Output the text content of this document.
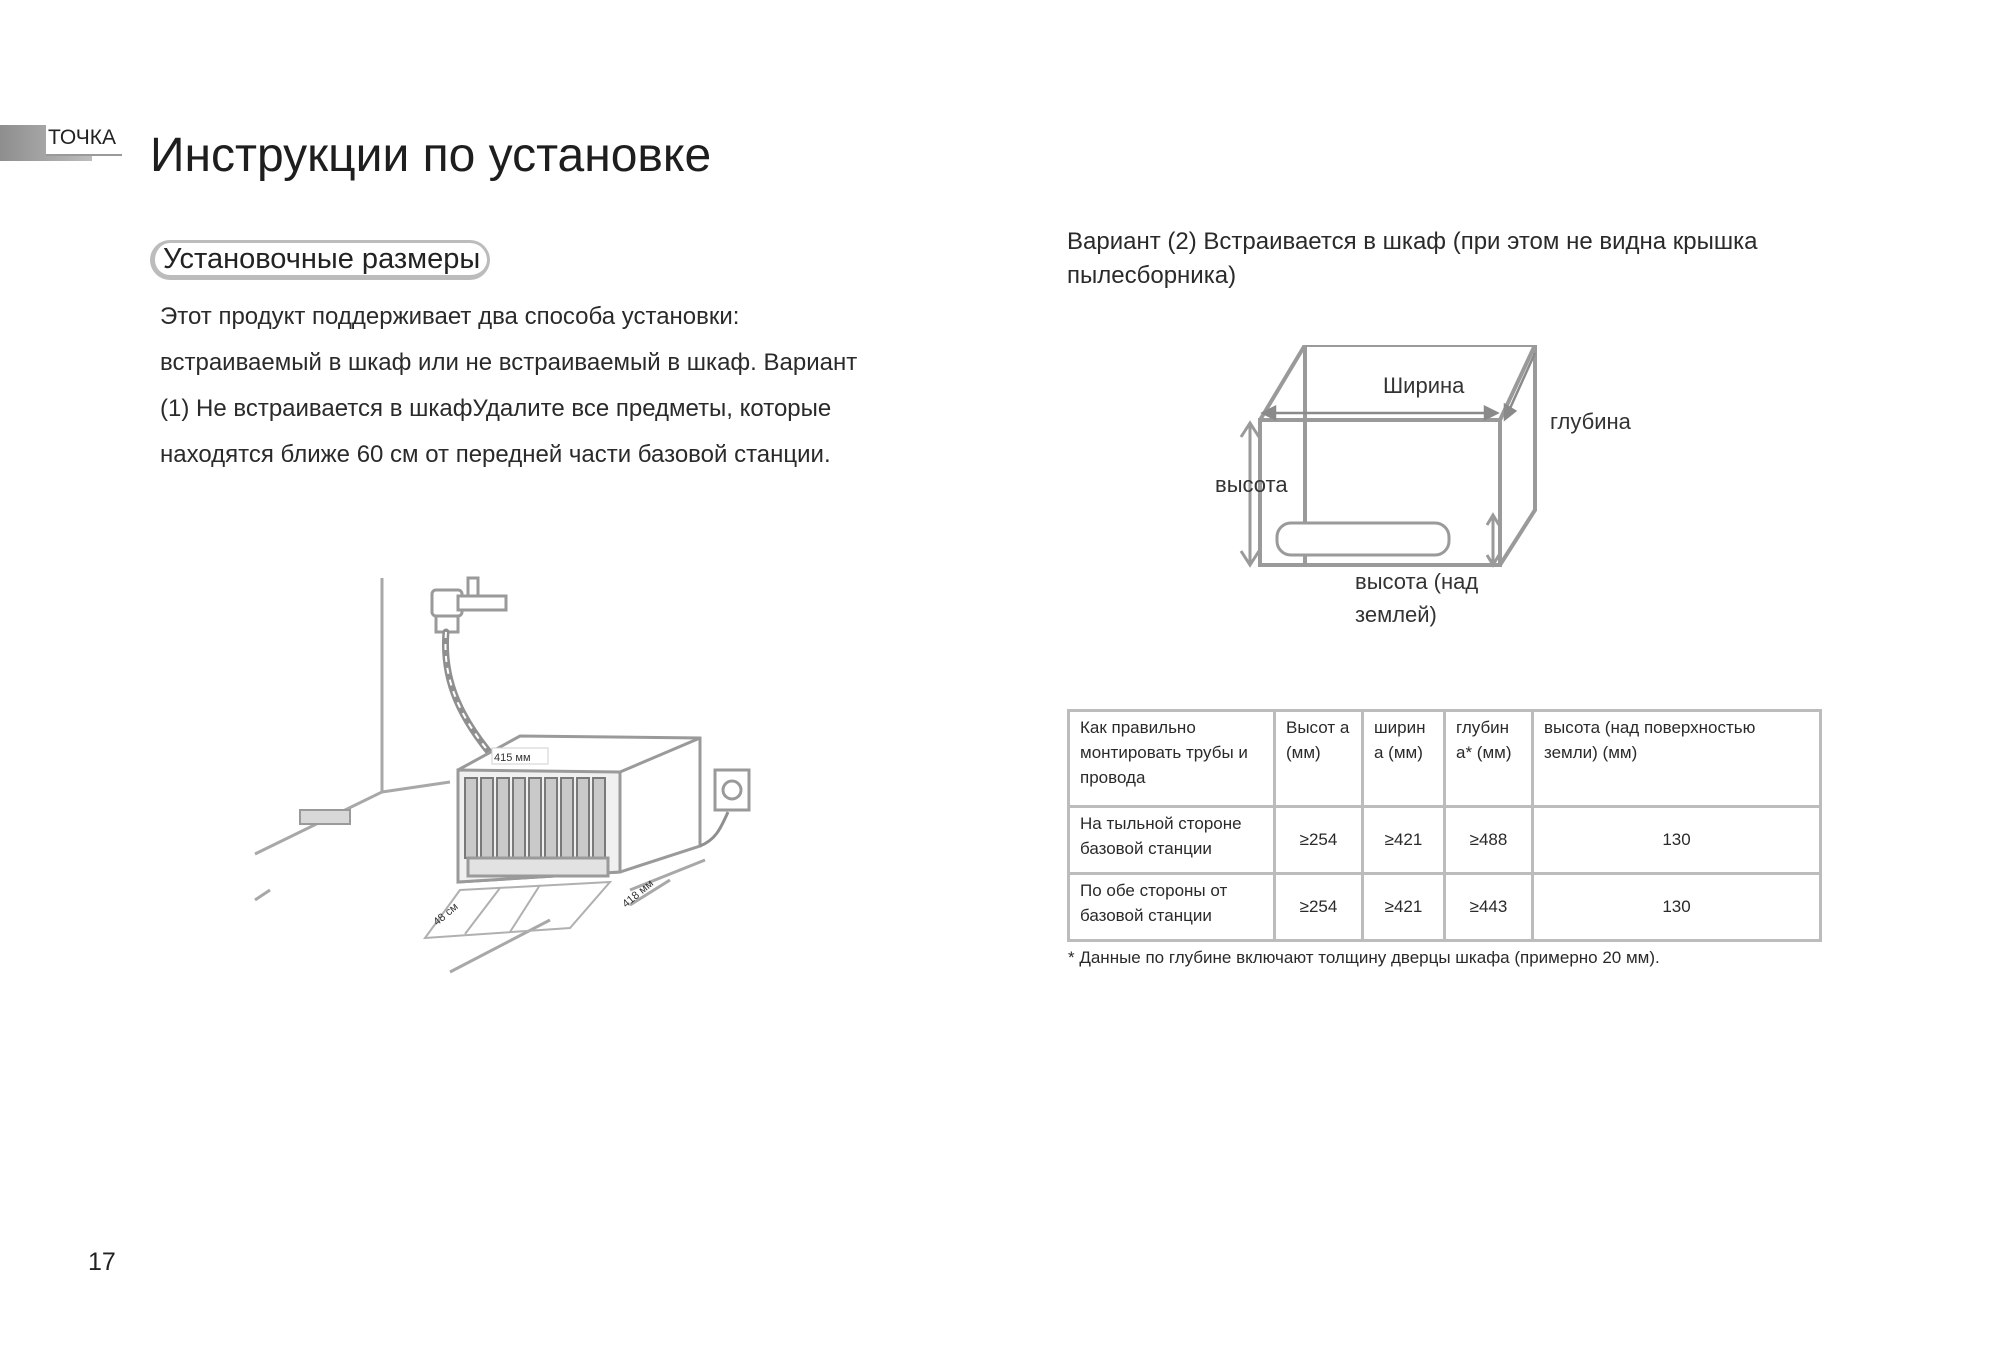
ТОЧКА Инструкции по установке
Установочные размеры
Этот продукт поддерживает два способа установки:
встраиваемый в шкаф или не встраиваемый в шкаф. Вариант
(1) Не встраивается в шкафУдалите все предметы, которые
находятся ближе 60 см от передней части базовой станции.
415 мм
48 см
418 мм
Вариант (2) Встраивается в шкаф (при этом не видна крышка
пылесборника)
Ширина
глубина
высота
высота (над землей)
Как правильно монтировать трубы и провода	Высот а (мм)	ширин а (мм)	глубин а* (мм)	высота (над поверхностью земли) (мм)
На тыльной стороне базовой станции	≥254	≥421	≥488	130
По обе стороны от базовой станции	≥254	≥421	≥443	130
* Данные по глубине включают толщину дверцы шкафа (примерно 20 мм).
17
